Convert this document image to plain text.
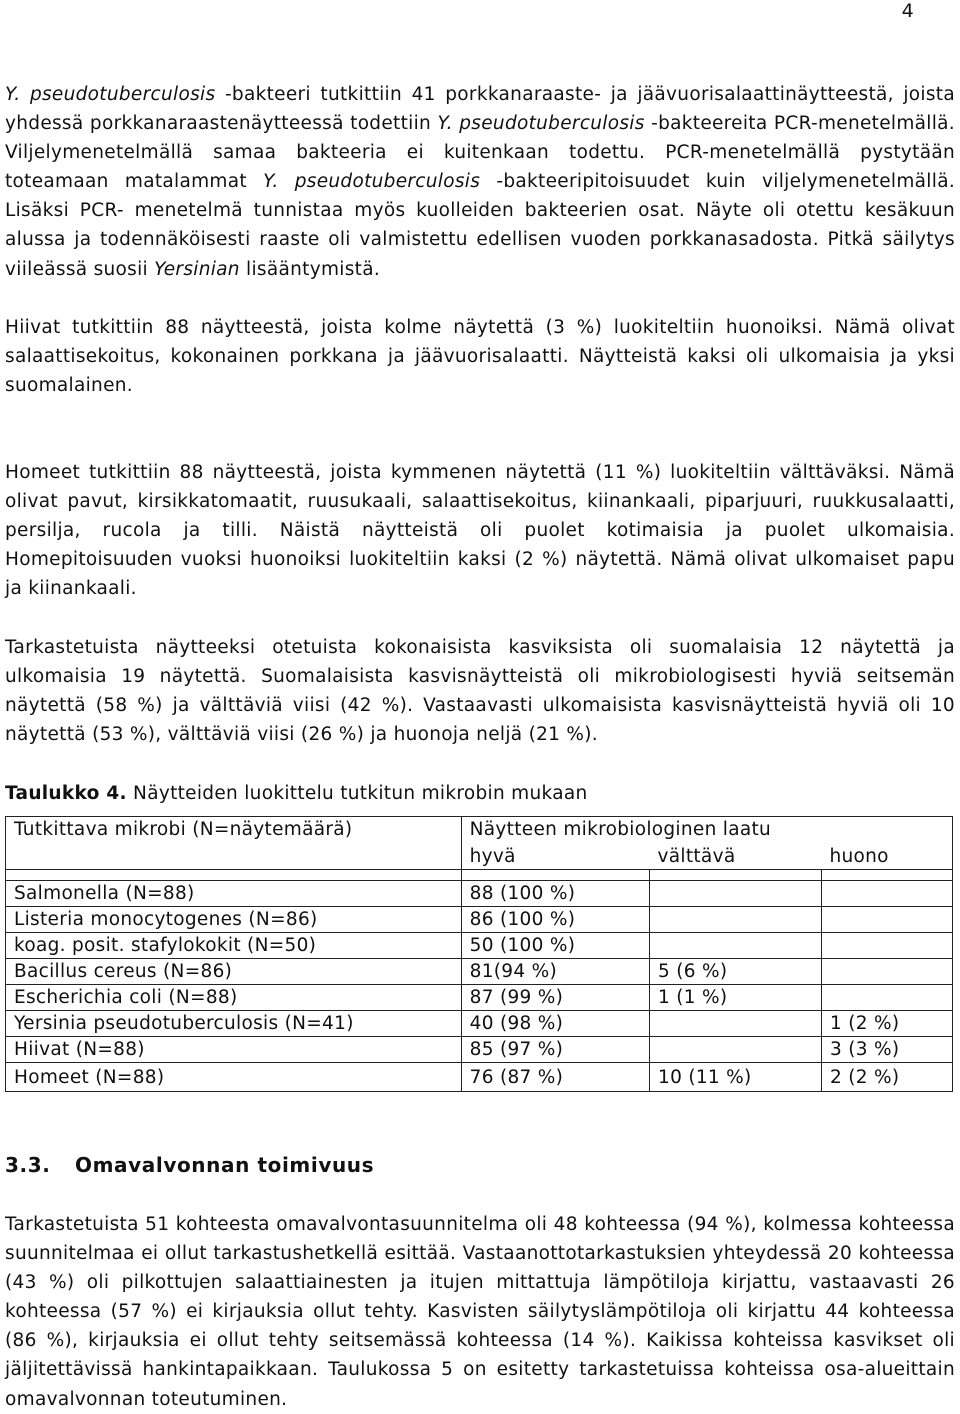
4

Y. pseudotuberculosis -bakteeri tutkittiin 41 porkkanaraaste- ja jäävuorisalaattinäytteestä, joista yhdessä porkkanaraastenäytteessä todettiin Y. pseudotuberculosis -bakteereita PCR-menetelmällä. Viljelymenetelmällä samaa bakteeria ei kuitenkaan todettu. PCR-menetelmällä pystytään toteamaan matalammat Y. pseudotuberculosis -bakteeripitoisuudet kuin viljelymenetelmällä. Lisäksi PCR- menetelmä tunnistaa myös kuolleiden bakteerien osat. Näyte oli otettu kesäkuun alussa ja todennäköisesti raaste oli valmistettu edellisen vuoden porkkanasadosta. Pitkä säilytys viileässä suosii Yersinian lisääntymistä.

Hiivat tutkittiin 88 näytteestä, joista kolme näytettä (3 %) luokiteltiin huonoiksi. Nämä olivat salaattisekoitus, kokonainen porkkana ja jäävuorisalaatti. Näytteistä kaksi oli ulkomaisia ja yksi suomalainen.

Homeet tutkittiin 88 näytteestä, joista kymmenen näytettä (11 %) luokiteltiin välttäväksi. Nämä olivat pavut, kirsikkatomaatit, ruusukaali, salaattisekoitus, kiinankaali, piparjuuri, ruukkusalaatti, persilja, rucola ja tilli. Näistä näytteistä oli puolet kotimaisia ja puolet ulkomaisia. Homepitoisuuden vuoksi huonoiksi luokiteltiin kaksi (2 %) näytettä. Nämä olivat ulkomaiset papu ja kiinankaali.

Tarkastetuista näytteeksi otetuista kokonaisista kasviksista oli suomalaisia 12 näytettä ja ulkomaisia 19 näytettä. Suomalaisista kasvisnäytteistä oli mikrobiologisesti hyviä seitsemän näytettä (58 %) ja välttäviä viisi (42 %). Vastaavasti ulkomaisista kasvisnäytteistä hyviä oli 10 näytettä (53 %), välttäviä viisi (26 %) ja huonoja neljä (21 %).

Taulukko 4. Näytteiden luokittelu tutkitun mikrobin mukaan

Tutkittava mikrobi (N=näytemäärä)	Näytteen mikrobiologinen laatu		
	hyvä	välttävä	huono

Salmonella (N=88)	88 (100 %)		
Listeria monocytogenes (N=86)	86 (100 %)		
koag. posit. stafylokokit (N=50)	50 (100 %)		
Bacillus cereus (N=86)	81(94 %)	5 (6 %)	
Escherichia coli (N=88)	87 (99 %)	1 (1 %)	
Yersinia pseudotuberculosis (N=41)	40 (98 %)		1 (2 %)
Hiivat (N=88)	85 (97 %)		3 (3 %)
Homeet (N=88)	76 (87 %)	10 (11 %)	2 (2 %)
3.3. Omavalvonnan toimivuus

Tarkastetuista 51 kohteesta omavalvontasuunnitelma oli 48 kohteessa (94 %), kolmessa kohteessa suunnitelmaa ei ollut tarkastushetkellä esittää. Vastaanottotarkastuksien yhteydessä 20 kohteessa (43 %) oli pilkottujen salaattiainesten ja itujen mittattuja lämpötiloja kirjattu, vastaavasti 26 kohteessa (57 %) ei kirjauksia ollut tehty. Kasvisten säilytyslämpötiloja oli kirjattu 44 kohteessa (86 %), kirjauksia ei ollut tehty seitsemässä kohteessa (14 %). Kaikissa kohteissa kasvikset oli jäljitettävissä hankintapaikkaan. Taulukossa 5 on esitetty tarkastetuissa kohteissa osa-alueittain omavalvonnan toteutuminen.
